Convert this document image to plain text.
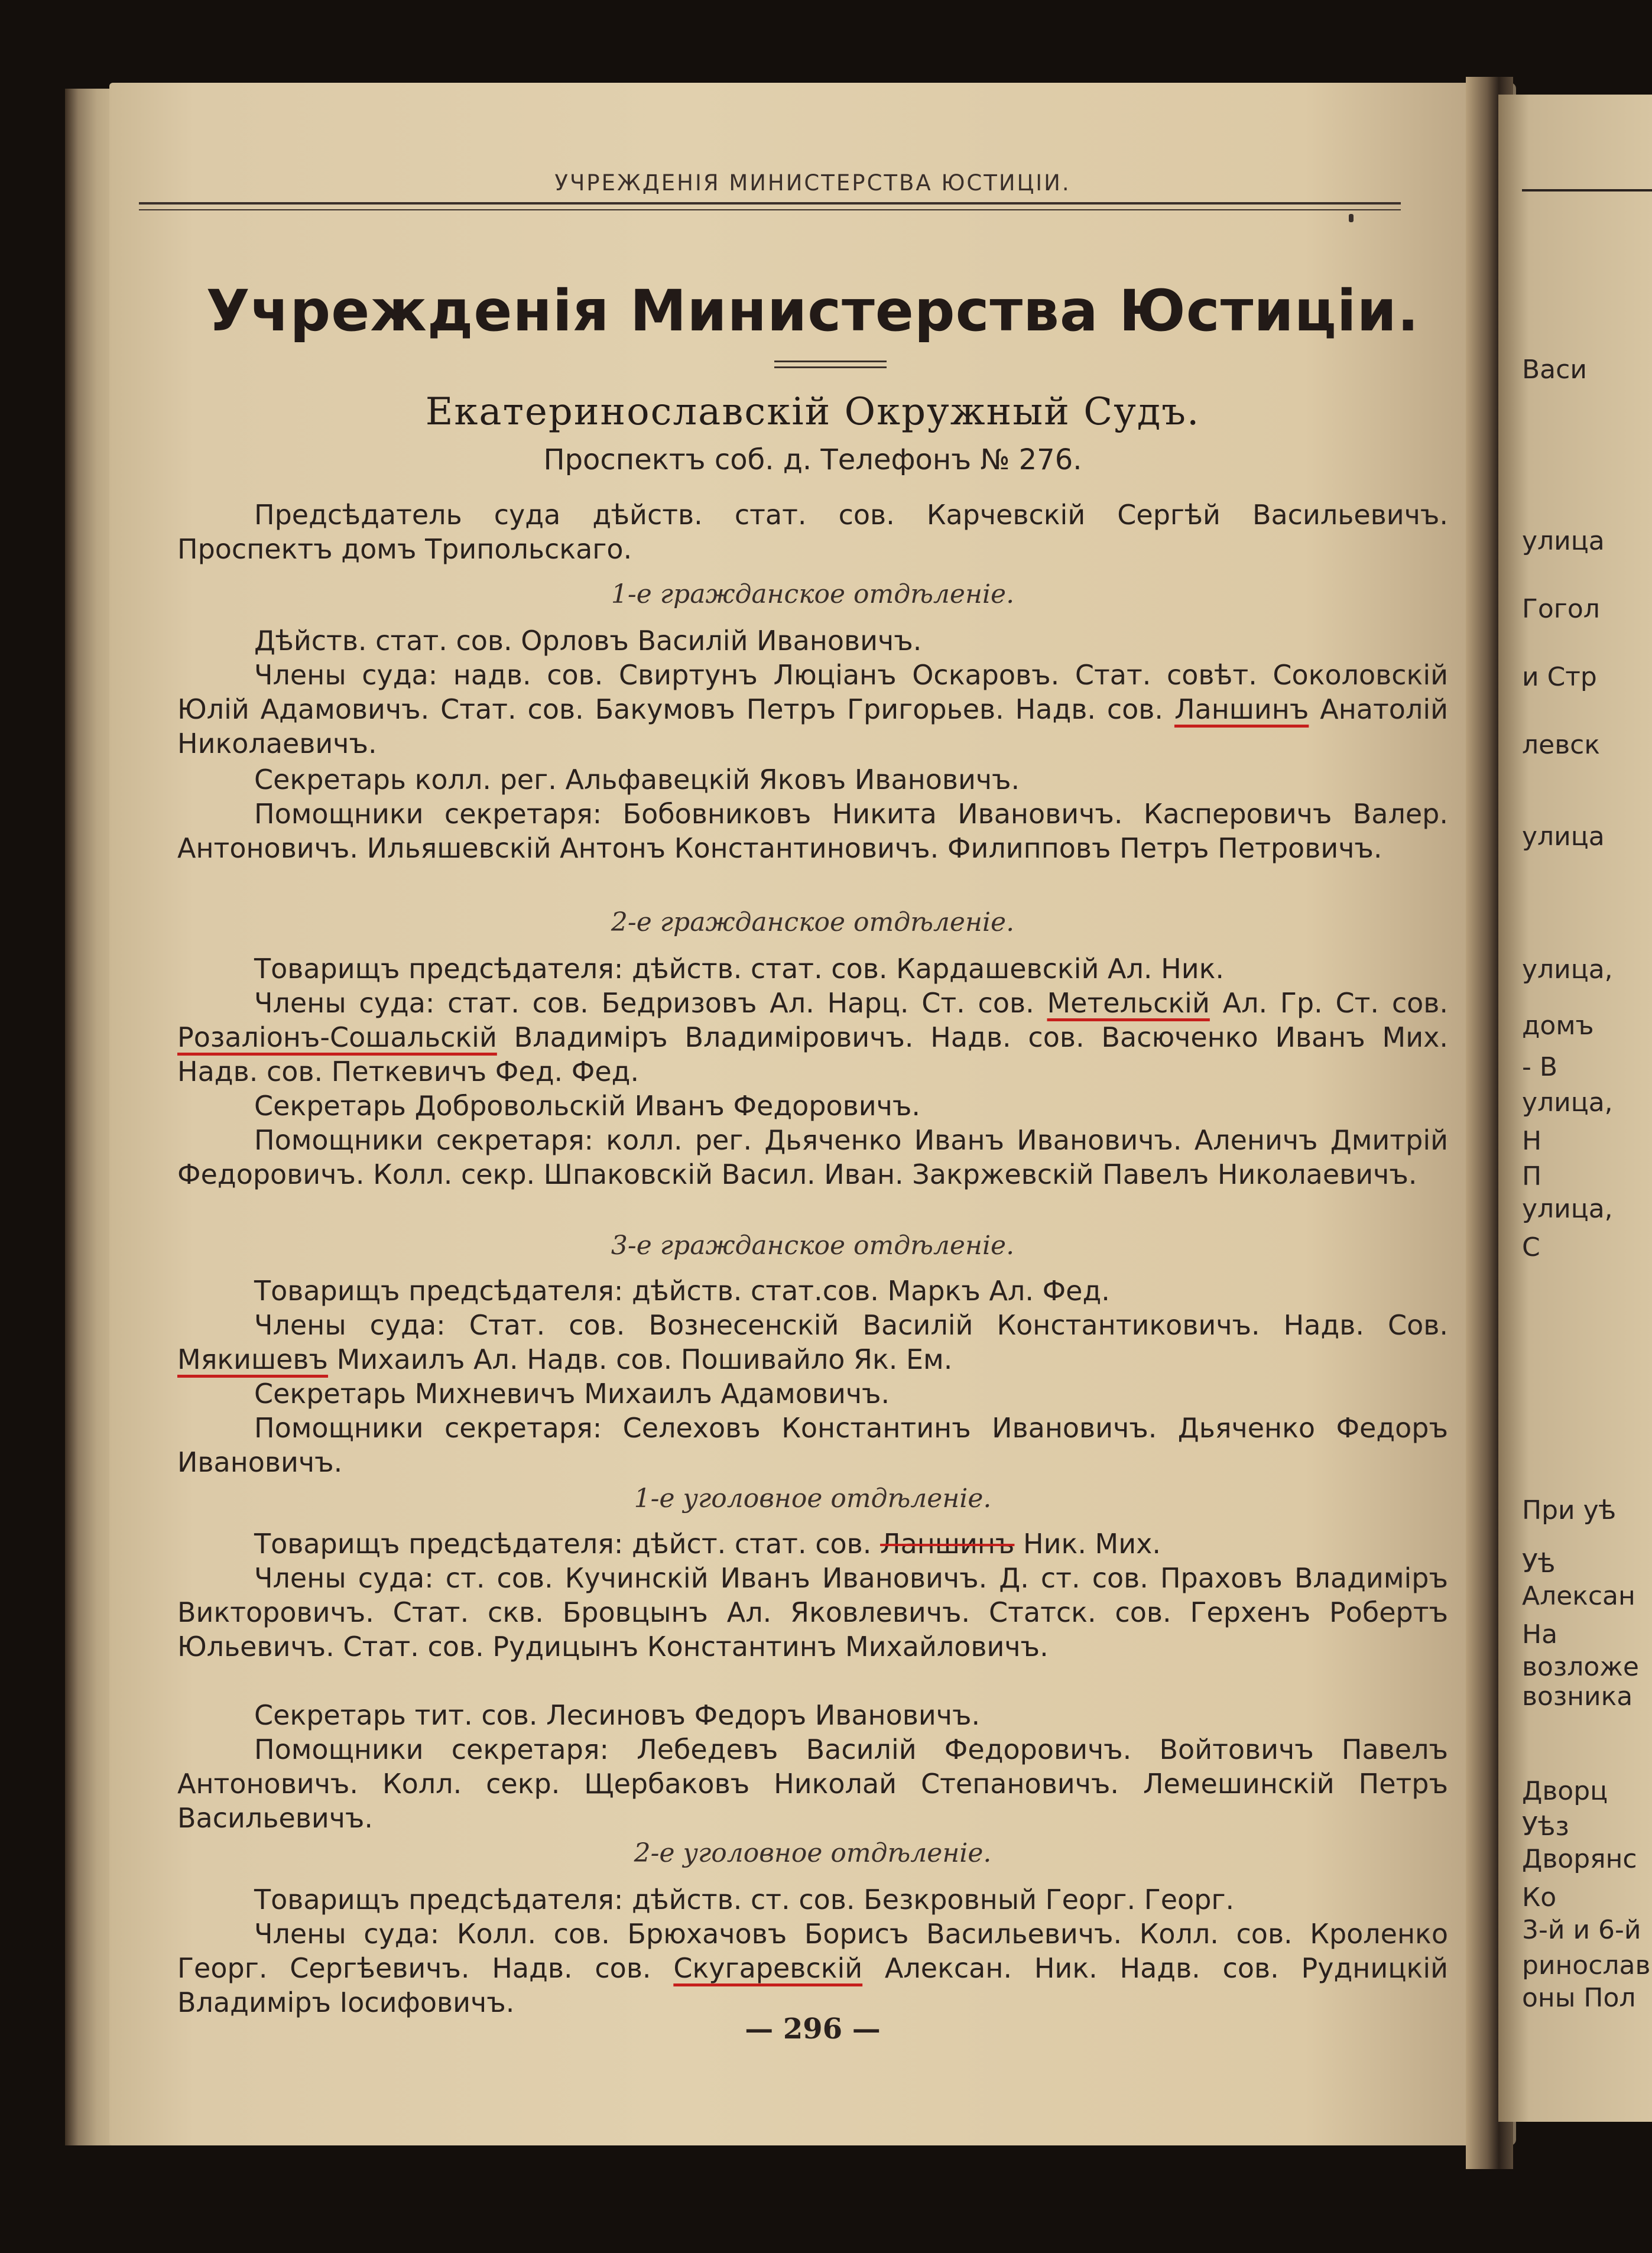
Васи
улица
Гогол
и Стр
левск
улица
улица,
домъ
- В
улица,
Н
П
улица,
С
При уѣ
Уѣ
Алексан
На
возложе
возника
Дворц
Уѣз
Дворянс
Ко
3-й и 6-й
ринослав
оны Пол
УЧРЕЖДЕНІЯ МИНИСТЕРСТВА ЮСТИЦІИ.
Учрежденія Министерства Юстиціи.
Екатеринославскій Окружный Судъ.
Проспектъ соб. д. Телефонъ № 276.
Предсѣдатель суда дѣйств. стат. сов. Карчевскій Сергѣй Васильевичъ. Проспектъ домъ Трипольскаго.
1-е гражданское отдѣленіе.
Дѣйств. стат. сов. Орловъ Василій Ивановичъ.
Члены суда: надв. сов. Свиртунъ Люціанъ Оскаровъ. Стат. совѣт. Соколовскій Юлій Адамовичъ. Стат. сов. Бакумовъ Петръ Григорьев. Надв. сов. Ланшинъ Анатолій Николаевичъ.
Секретарь колл. рег. Альфавецкій Яковъ Ивановичъ.
Помощники секретаря: Бобовниковъ Никита Ивановичъ. Касперовичъ Валер. Антоновичъ. Ильяшевскій Антонъ Константиновичъ. Филипповъ Петръ Петровичъ.
2-е гражданское отдѣленіе.
Товарищъ предсѣдателя: дѣйств. стат. сов. Кардашевскій Ал. Ник.
Члены суда: стат. сов. Бедризовъ Ал. Нарц. Ст. сов. Метельскій Ал. Гр. Ст. сов. Розаліонъ-Сошальскій Владиміръ Владиміровичъ. Надв. сов. Васюченко Иванъ Мих. Надв. сов. Петкевичъ Фед. Фед.
Секретарь Добровольскій Иванъ Федоровичъ.
Помощники секретаря: колл. рег. Дьяченко Иванъ Ивановичъ. Аленичъ Дмитрій Федоровичъ. Колл. секр. Шпаковскій Васил. Иван. Закржевскій Павелъ Николаевичъ.
3-е гражданское отдѣленіе.
Товарищъ предсѣдателя: дѣйств. стат.сов. Маркъ Ал. Фед.
Члены суда: Стат. сов. Вознесенскій Василій Константиковичъ. Надв. Сов. Мякишевъ Михаилъ Ал. Надв. сов. Пошивайло Як. Ем.
Секретарь Михневичъ Михаилъ Адамовичъ.
Помощники секретаря: Селеховъ Константинъ Ивановичъ. Дьяченко Федоръ Ивановичъ.
1-е уголовное отдѣленіе.
Товарищъ предсѣдателя: дѣйст. стат. сов. Ланшинъ Ник. Мих.
Члены суда: ст. сов. Кучинскій Иванъ Ивановичъ. Д. ст. сов. Праховъ Владиміръ Викторовичъ. Стат. скв. Бровцынъ Ал. Яковлевичъ. Статск. сов. Герхенъ Робертъ Юльевичъ. Стат. сов. Рудицынъ Константинъ Михайловичъ.
Секретарь тит. сов. Лесиновъ Федоръ Ивановичъ.
Помощники секретаря: Лебедевъ Василій Федоровичъ. Войтовичъ Павелъ Антоновичъ. Колл. секр. Щербаковъ Николай Степановичъ. Лемешинскій Петръ Васильевичъ.
2-е уголовное отдѣленіе.
Товарищъ предсѣдателя: дѣйств. ст. сов. Безкровный Георг. Георг.
Члены суда: Колл. сов. Брюхачовъ Борисъ Васильевичъ. Колл. сов. Кроленко Георг. Сергѣевичъ. Надв. сов. Скугаревскій Алексан. Ник. Надв. сов. Рудницкій Владиміръ Іосифовичъ.
— 296 —
